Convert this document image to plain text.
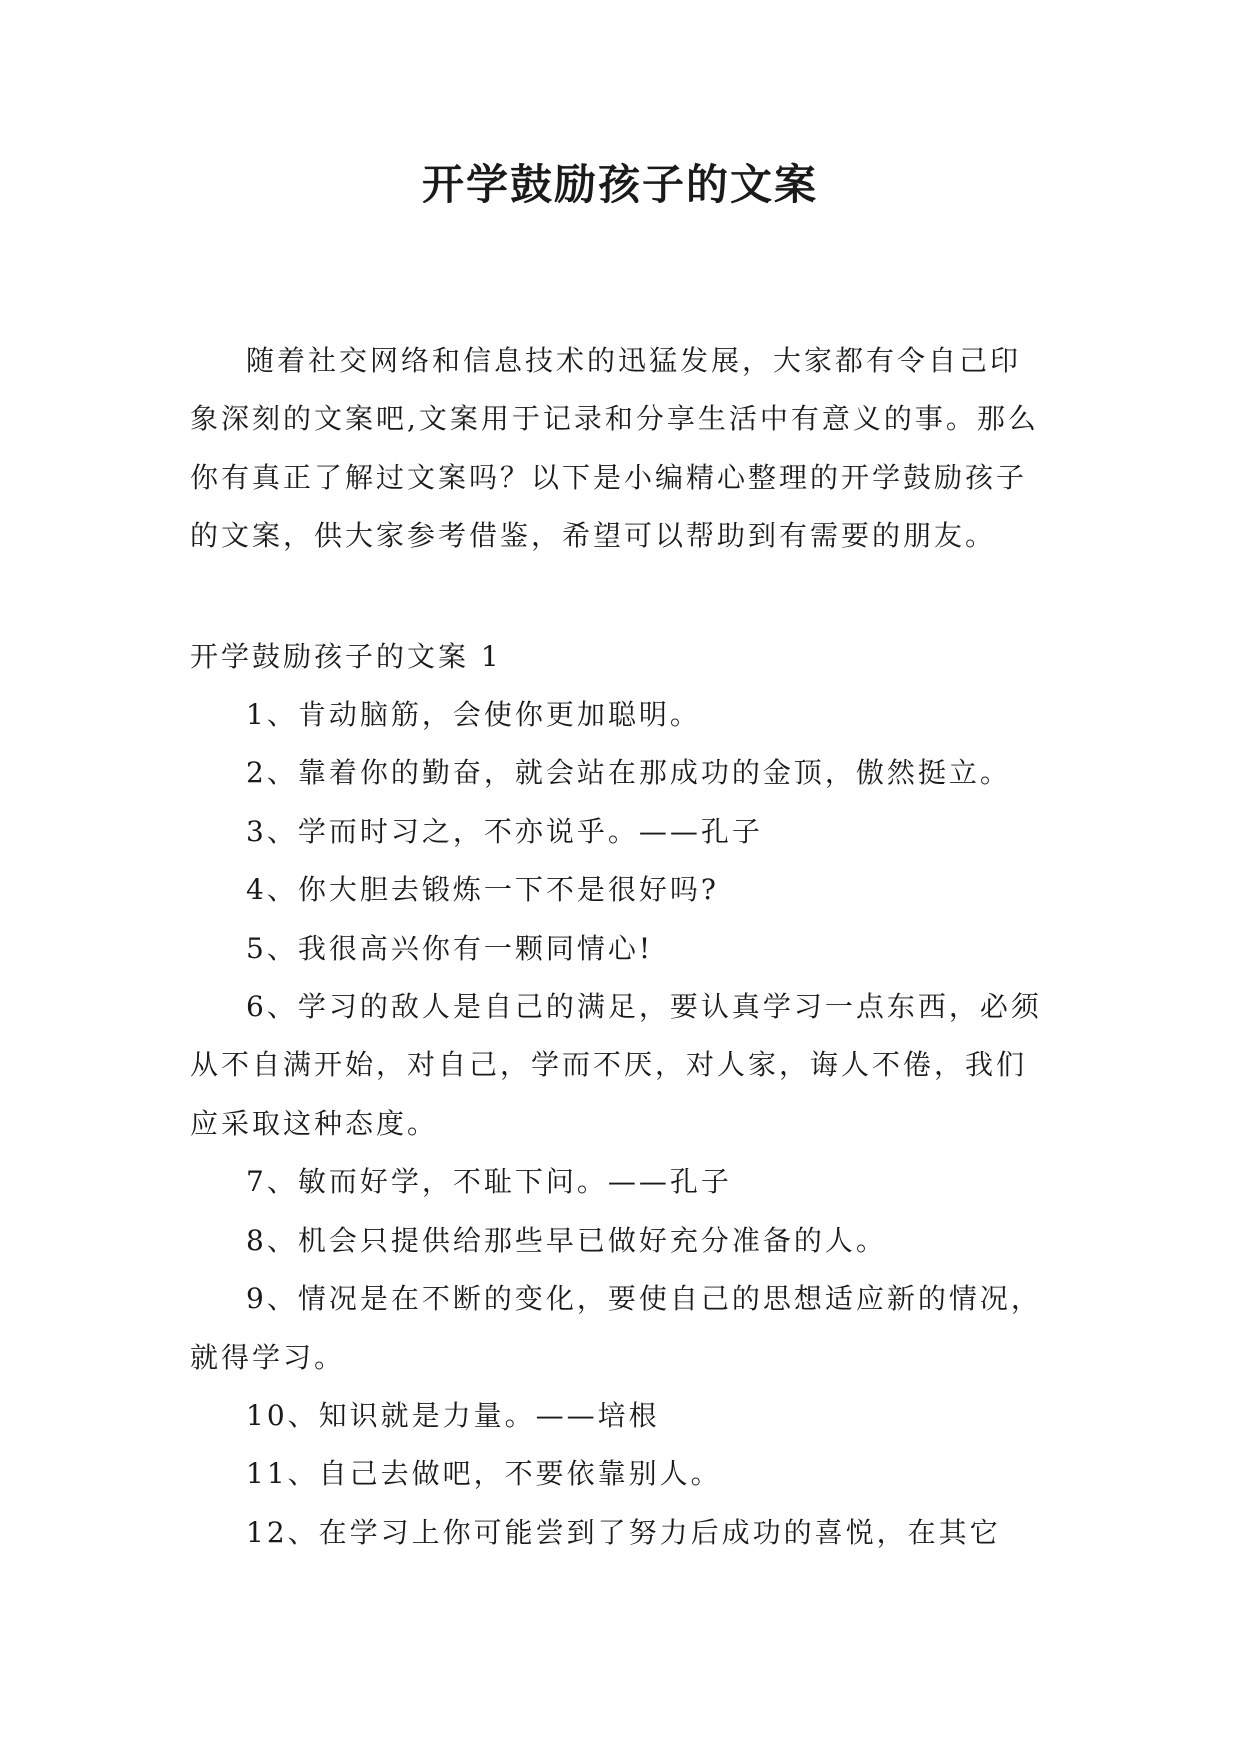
开学鼓励孩子的文案

随着社交网络和信息技术的迅猛发展，大家都有令自己印象深刻的文案吧,文案用于记录和分享生活中有意义的事。那么你有真正了解过文案吗？以下是小编精心整理的开学鼓励孩子的文案，供大家参考借鉴，希望可以帮助到有需要的朋友。

开学鼓励孩子的文案 1
1、肯动脑筋，会使你更加聪明。
2、靠着你的勤奋，就会站在那成功的金顶，傲然挺立。
3、学而时习之，不亦说乎。——孔子
4、你大胆去锻炼一下不是很好吗?
5、我很高兴你有一颗同情心!
6、学习的敌人是自己的满足，要认真学习一点东西，必须从不自满开始，对自己，学而不厌，对人家，诲人不倦，我们应采取这种态度。
7、敏而好学，不耻下问。——孔子
8、机会只提供给那些早已做好充分准备的人。
9、情况是在不断的变化，要使自己的思想适应新的情况，就得学习。
10、知识就是力量。——培根
11、自己去做吧，不要依靠别人。
12、在学习上你可能尝到了努力后成功的喜悦，在其它
